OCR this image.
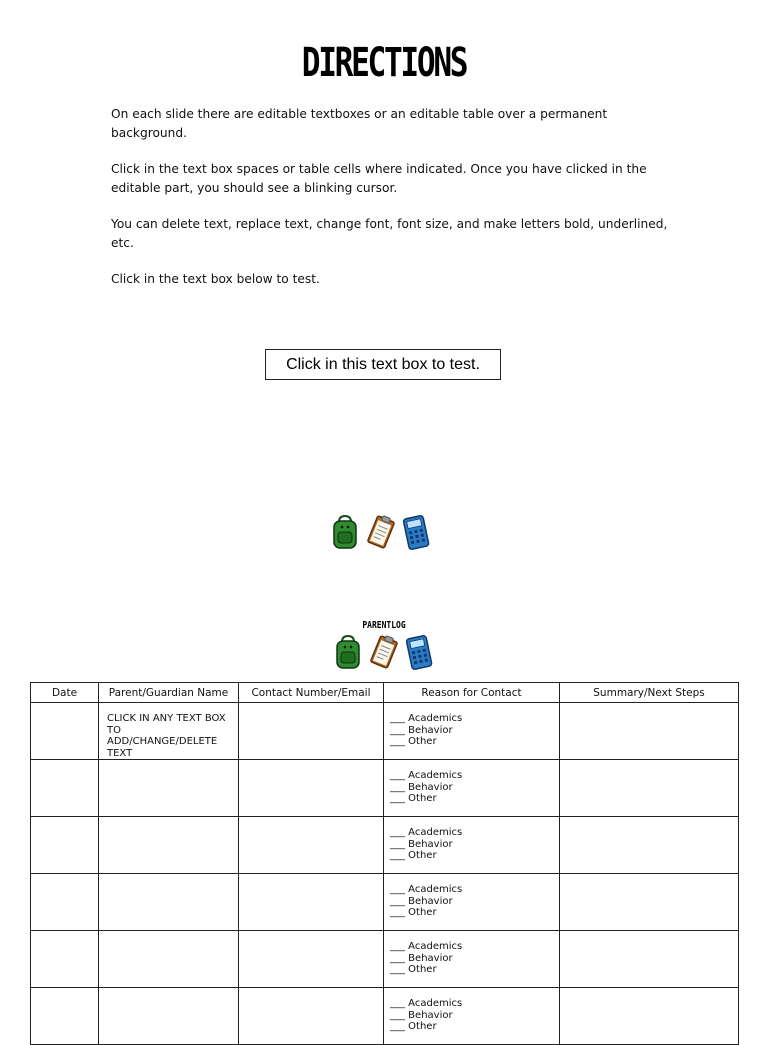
DIRECTIONS

On each slide there are editable textboxes or an editable table over a permanent background.

Click in the text box spaces or table cells where indicated. Once you have clicked in the editable part, you should see a blinking cursor.

You can delete text, replace text, change font, font size, and make letters bold, underlined, etc.

Click in the text box below to test.

Click in this text box to test.
PARENTLOG
Date	Parent/Guardian Name	Contact Number/Email	Reason for Contact	Summary/Next Steps

	CLICK IN ANY TEXT BOX TO ADD/CHANGE/DELETE TEXT		___ Academics
___ Behavior
___ Other	

			___ Academics
___ Behavior
___ Other	

			___ Academics
___ Behavior
___ Other	

			___ Academics
___ Behavior
___ Other	

			___ Academics
___ Behavior
___ Other	

			___ Academics
___ Behavior
___ Other	
